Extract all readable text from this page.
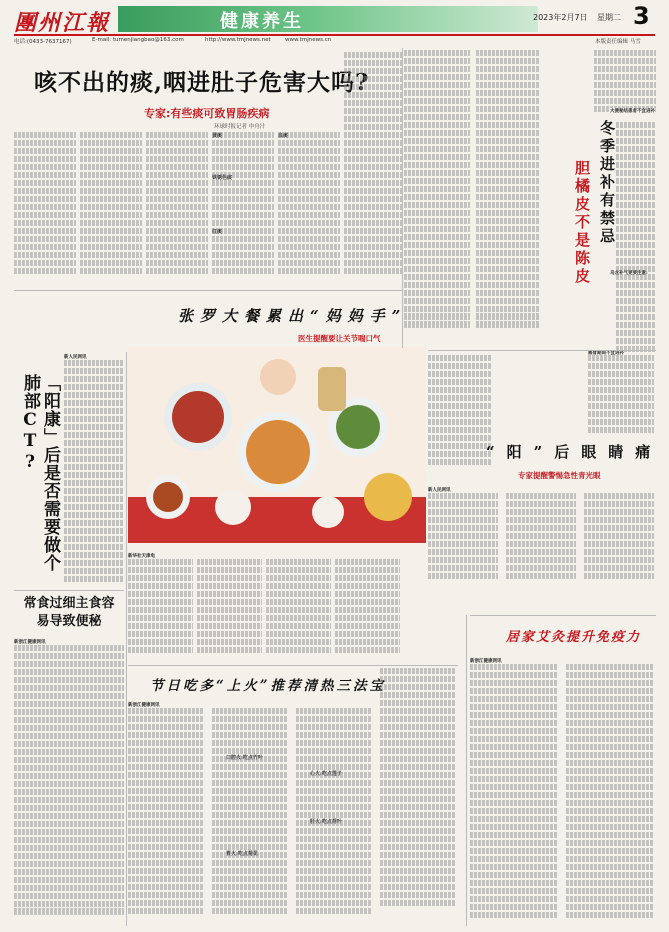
團州江報	健康养生	2023年2月7日 星期二 3
电话:(0433-7637167)	E-mail: tumenjiangbao@163.com	http://www.tmjnews.net	www.tmjnews.cn	本版责任编辑 马雪
咳不出的痰,咽进肚子危害大吗?
专家:有些痰可致胃肠疾病
环球时报记者 申舟汁
黄痰
铁锈色痰
红痰
血痰	冬季进补有禁忌
胆橘皮不是陈皮
大便秘结患者不宜进补
乌龙补气更要注意:
「阳康」后是否需要做个肺部CT?
新人民网讯
张罗大餐累出“妈妈手”
医生提醒要让关节喘口气
新华社天津电
感冒期间不宜进补
“阳”后眼睛痛
专家提醒警惕急性青光眼
新人民网讯
常食过细主食容易导致便秘
新浙江健康网讯
节日吃多“上火”推荐清热三法宝
新浙江健康网讯
口腔火:吃点竹叶
胃火:吃点菊花
心火:吃点莲子
肝火:吃点荷叶
居家艾灸提升免疫力
新浙江健康网讯
